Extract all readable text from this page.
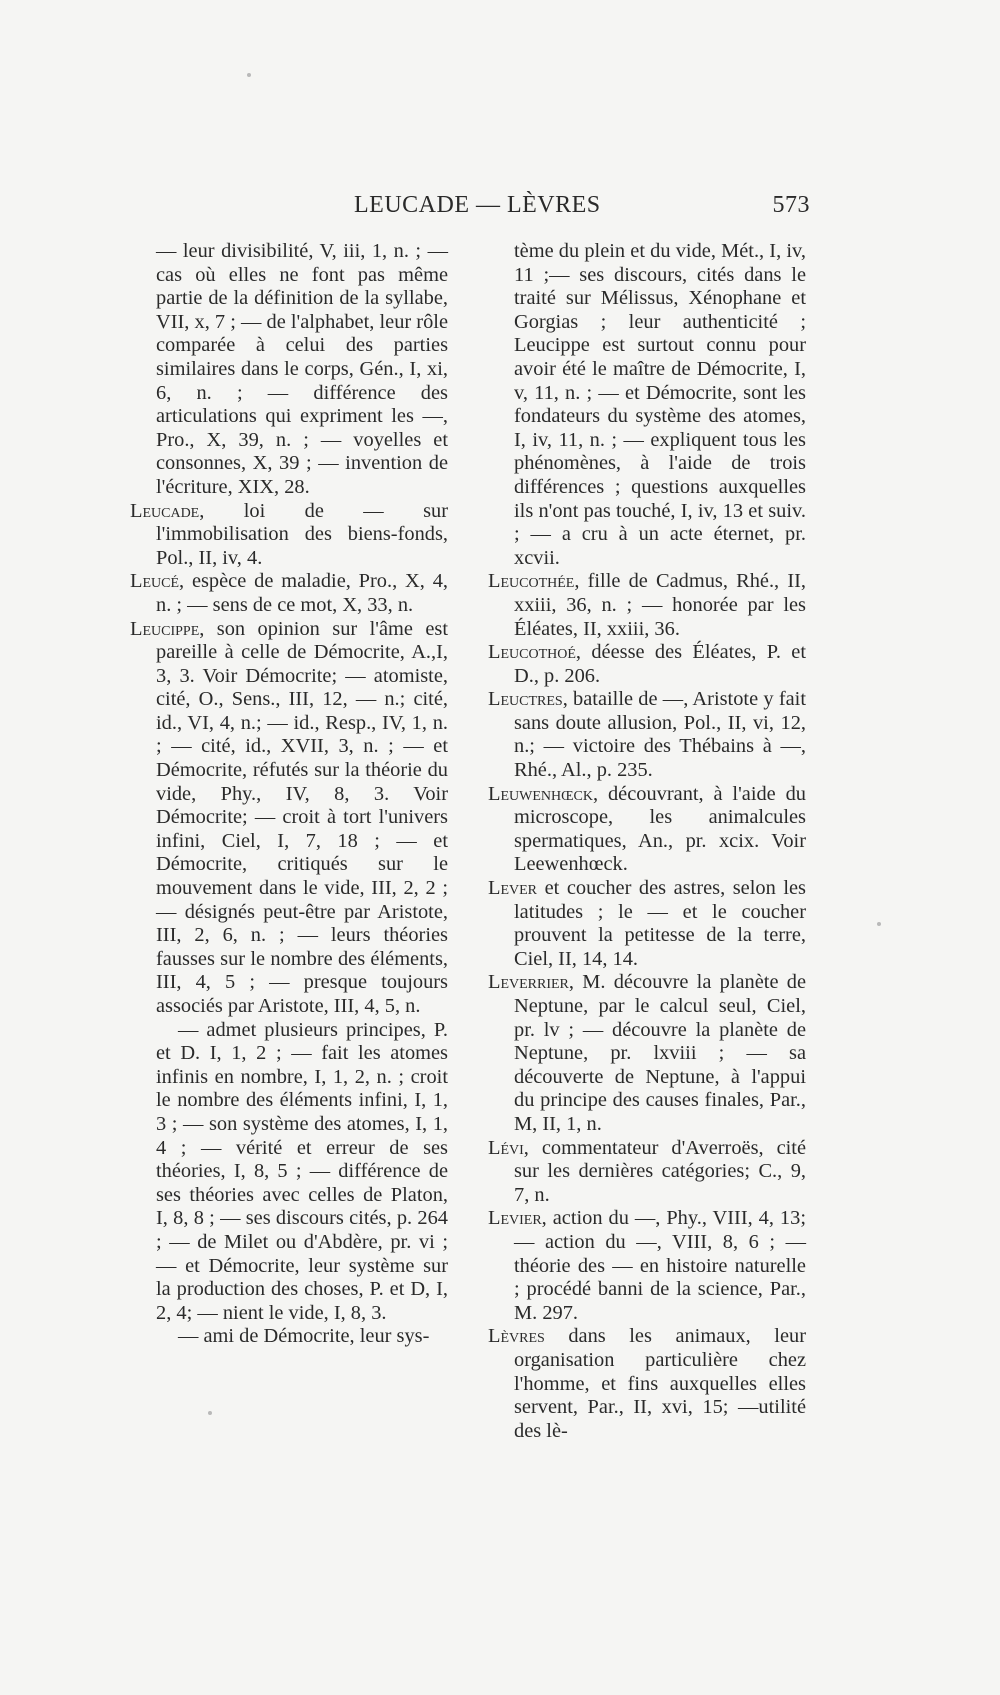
LEUCADE — LÈVRES	573

— leur divisibilité, V, iii, 1, n. ; — cas où elles ne font pas même partie de la définition de la syllabe, VII, x, 7 ; — de l'alphabet, leur rôle comparée à celui des parties similaires dans le corps, Gén., I, xi, 6, n. ; — différence des articulations qui expriment les —, Pro., X, 39, n. ; — voyelles et consonnes, X, 39 ; — invention de l'écriture, XIX, 28.

Leucade, loi de — sur l'immobilisation des biens-fonds, Pol., II, iv, 4.

Leucé, espèce de maladie, Pro., X, 4, n. ; — sens de ce mot, X, 33, n.

Leucippe, son opinion sur l'âme est pareille à celle de Démocrite, A.,I, 3, 3. Voir Démocrite; — atomiste, cité, O., Sens., III, 12, — n.; cité, id., VI, 4, n.; — id., Resp., IV, 1, n. ; — cité, id., XVII, 3, n. ; — et Démocrite, réfutés sur la théorie du vide, Phy., IV, 8, 3. Voir Démocrite; — croit à tort l'univers infini, Ciel, I, 7, 18 ; — et Démocrite, critiqués sur le mouvement dans le vide, III, 2, 2 ; — désignés peut-être par Aristote, III, 2, 6, n. ; — leurs théories fausses sur le nombre des éléments, III, 4, 5 ; — presque toujours associés par Aristote, III, 4, 5, n.

— admet plusieurs principes, P. et D. I, 1, 2 ; — fait les atomes infinis en nombre, I, 1, 2, n. ; croit le nombre des éléments infini, I, 1, 3 ; — son système des atomes, I, 1, 4 ; — vérité et erreur de ses théories, I, 8, 5 ; — différence de ses théories avec celles de Platon, I, 8, 8 ; — ses discours cités, p. 264 ; — de Milet ou d'Abdère, pr. vi ; — et Démocrite, leur système sur la production des choses, P. et D, I, 2, 4; — nient le vide, I, 8, 3.

— ami de Démocrite, leur sys-

tème du plein et du vide, Mét., I, iv, 11 ;— ses discours, cités dans le traité sur Mélissus, Xénophane et Gorgias ; leur authenticité ; Leucippe est surtout connu pour avoir été le maître de Démocrite, I, v, 11, n. ; — et Démocrite, sont les fondateurs du système des atomes, I, iv, 11, n. ; — expliquent tous les phénomènes, à l'aide de trois différences ; questions auxquelles ils n'ont pas touché, I, iv, 13 et suiv. ; — a cru à un acte éternet, pr. xcvii.

Leucothée, fille de Cadmus, Rhé., II, xxiii, 36, n. ; — honorée par les Éléates, II, xxiii, 36.

Leucothoé, déesse des Éléates, P. et D., p. 206.

Leuctres, bataille de —, Aristote y fait sans doute allusion, Pol., II, vi, 12, n.; — victoire des Thébains à —, Rhé., Al., p. 235.

Leuwenhœck, découvrant, à l'aide du microscope, les animalcules spermatiques, An., pr. xcix. Voir Leewenhœck.

Lever et coucher des astres, selon les latitudes ; le — et le coucher prouvent la petitesse de la terre, Ciel, II, 14, 14.

Leverrier, M. découvre la planète de Neptune, par le calcul seul, Ciel, pr. lv ; — découvre la planète de Neptune, pr. lxviii ; — sa découverte de Neptune, à l'appui du principe des causes finales, Par., M, II, 1, n.

Lévi, commentateur d'Averroës, cité sur les dernières catégories; C., 9, 7, n.

Levier, action du —, Phy., VIII, 4, 13; — action du —, VIII, 8, 6 ; — théorie des — en histoire naturelle ; procédé banni de la science, Par., M. 297.

Lèvres dans les animaux, leur organisation particulière chez l'homme, et fins auxquelles elles servent, Par., II, xvi, 15; —utilité des lè-
